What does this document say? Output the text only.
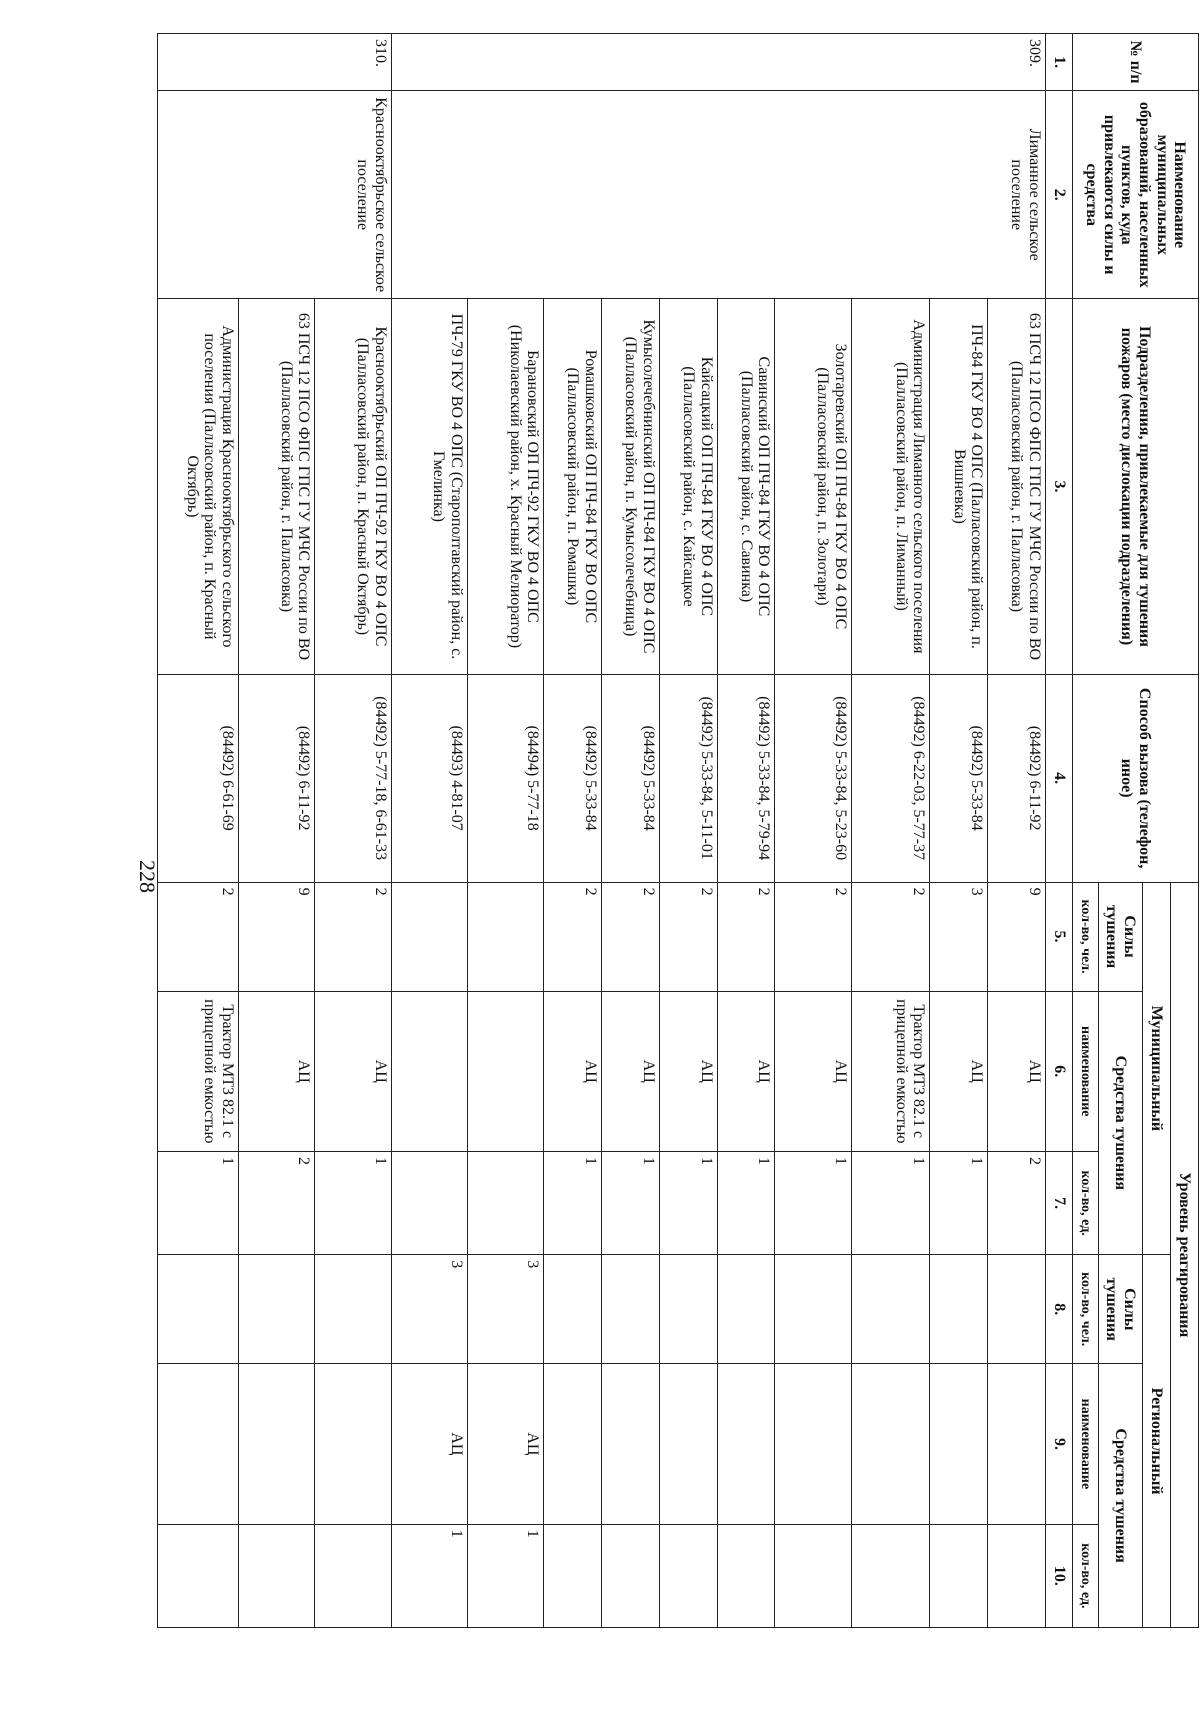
228
№ п/п	Наименование муниципальных образований, населенных пунктов, куда привлекаются силы и средства	Подразделения, привлекаемые для тушения пожаров (место дислокации подразделения)	Способ вызова (телефон, иное)	Уровень реагирования					
				Муниципальный			Региональный		
				Силы тушения	Средства тушения		Силы тушения	Средства тушения	
				кол-во, чел.	наименование	кол-во, ед.	кол-во, чел.	наименование	кол-во, ед.
1.	2.	3.	4.	5.	6.	7.	8.	9.	10.
309.	Лиманное сельское поселение	63 ПСЧ 12 ПСО ФПС ГПС ГУ МЧС России по ВО (Палласовский район, г. Палласовка)	(84492) 6-11-92	9	АЦ	2			
		ПЧ-84 ГКУ ВО 4 ОПС (Палласовский район, п. Вишневка)	(84492) 5-33-84	3	АЦ	1			
		Администрация Лиманного сельского поселения (Палласовский район, п. Лиманный)	(84492) 6-22-03, 5-77-37	2	Трактор МТЗ 82.1 с прицепной емкостью	1			
		Золотаревский ОП ПЧ-84 ГКУ ВО 4 ОПС (Палласовский район, п. Золотари)	(84492) 5-33-84, 5-23-60	2	АЦ	1			
		Савинский ОП ПЧ-84 ГКУ ВО 4 ОПС (Палласовский район, с. Савинка)	(84492) 5-33-84, 5-79-94	2	АЦ	1			
		Кайсацкий ОП ПЧ-84 ГКУ ВО 4 ОПС (Палласовский район, с. Кайсацкое	(84492) 5-33-84, 5-11-01	2	АЦ	1			
		Кумысолечебнинский ОП ПЧ-84 ГКУ ВО 4 ОПС (Палласовский район, п. Кумысолечебница)	(84492) 5-33-84	2	АЦ	1			
		Ромашковский ОП ПЧ-84 ГКУ ВО ОПС (Палласовский район, п. Ромашки)	(84492) 5-33-84	2	АЦ	1			
		Барановский ОП ПЧ-92 ГКУ ВО 4 ОПС (Николаевский район, х. Красный Мелиоратор)	(84494) 5-77-18				3	АЦ	1
		ПЧ-79 ГКУ ВО 4 ОПС (Старополтавский район, с. Гмелинка)	(84493) 4-81-07				3	АЦ	1
310.	Краснооктябрьское сельское поселение	Краснооктябрьский ОП ПЧ-92 ГКУ ВО 4 ОПС (Палласовский район, п. Красный Октябрь)	(84492) 5-77-18, 6-61-33	2	АЦ	1			
		63 ПСЧ 12 ПСО ФПС ГПС ГУ МЧС России по ВО (Палласовский район, г. Палласовка)	(84492) 6-11-92	9	АЦ	2			
		Администрация Краснооктябрьского сельского поселения (Палласовский район, п. Красный Октябрь)	(84492) 6-61-69	2	Трактор МТЗ 82.1 с прицепной емкостью	1			
